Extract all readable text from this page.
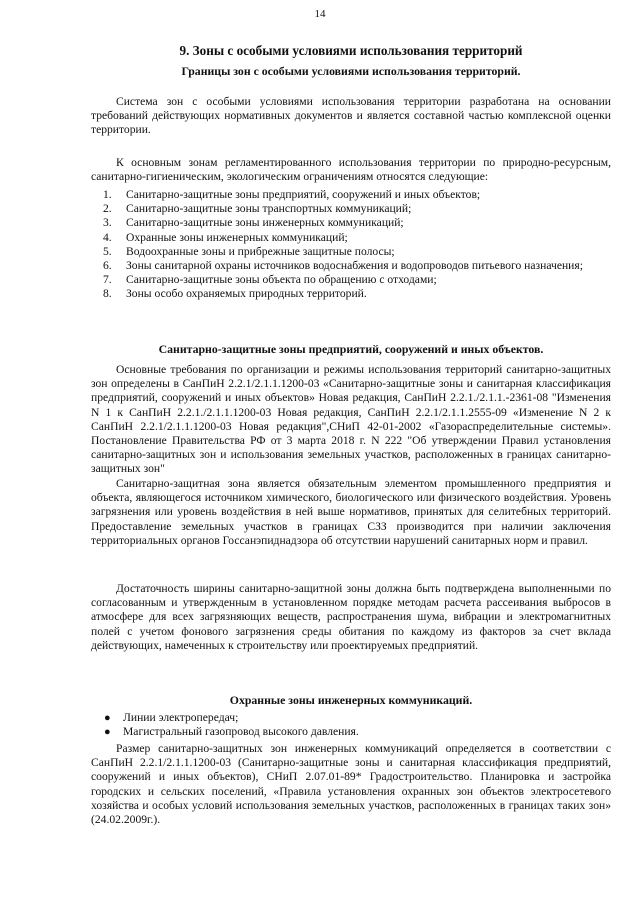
14
9. Зоны с особыми условиями использования территорий
Границы зон с особыми условиями использования территорий.

Система зон с особыми условиями использования территории разработана на основании требований действующих нормативных документов и является составной частью комплексной оценки территории.

К основным зонам регламентированного использования территории по природно-ресурсным, санитарно-гигиеническим, экологическим ограничениям относятся следующие:

1. Санитарно-защитные зоны предприятий, сооружений и иных объектов;
2. Санитарно-защитные зоны транспортных коммуникаций;
3. Санитарно-защитные зоны инженерных коммуникаций;
4. Охранные зоны инженерных коммуникаций;
5. Водоохранные зоны и прибрежные защитные полосы;
6. Зоны санитарной охраны источников водоснабжения и водопроводов питьевого назначения;
7. Санитарно-защитные зоны объекта по обращению с отходами;
8. Зоны особо охраняемых природных территорий.
Санитарно-защитные зоны предприятий, сооружений и иных объектов.

Основные требования по организации и режимы использования территорий санитарно-защитных зон определены в СанПиН 2.2.1/2.1.1.1200-03 «Санитарно-защитные зоны и санитарная классификация предприятий, сооружений и иных объектов» Новая редакция, СанПиН 2.2.1./2.1.1.-2361-08 "Изменения N 1 к СанПиН 2.2.1./2.1.1.1200-03 Новая редакция, СанПиН 2.2.1/2.1.1.2555-09 «Изменение N 2 к СанПиН 2.2.1/2.1.1.1200-03 Новая редакция",СНиП 42-01-2002 «Газораспределительные системы». Постановление Правительства РФ от 3 марта 2018 г. N 222 "Об утверждении Правил установления санитарно-защитных зон и использования земельных участков, расположенных в границах санитарно-защитных зон"

Санитарно-защитная зона является обязательным элементом промышленного предприятия и объекта, являющегося источником химического, биологического или физического воздействия. Уровень загрязнения или уровень воздействия в ней выше нормативов, принятых для селитебных территорий. Предоставление земельных участков в границах СЗЗ производится при наличии заключения территориальных органов Госсанэпиднадзора об отсутствии нарушений санитарных норм и правил.

Достаточность ширины санитарно-защитной зоны должна быть подтверждена выполненными по согласованным и утвержденным в установленном порядке методам расчета рассеивания выбросов в атмосфере для всех загрязняющих веществ, распространения шума, вибрации и электромагнитных полей с учетом фонового загрязнения среды обитания по каждому из факторов за счет вклада действующих, намеченных к строительству или проектируемых предприятий.

Охранные зоны инженерных коммуникаций.
● Линии электропередач;
● Магистральный газопровод высокого давления.

Размер санитарно-защитных зон инженерных коммуникаций определяется в соответствии с СанПиН 2.2.1/2.1.1.1200-03 (Санитарно-защитные зоны и санитарная классификация предприятий, сооружений и иных объектов), СНиП 2.07.01-89* Градостроительство. Планировка и застройка городских и сельских поселений, «Правила установления охранных зон объектов электросетевого хозяйства и особых условий использования земельных участков, расположенных в границах таких зон» (24.02.2009г.).
